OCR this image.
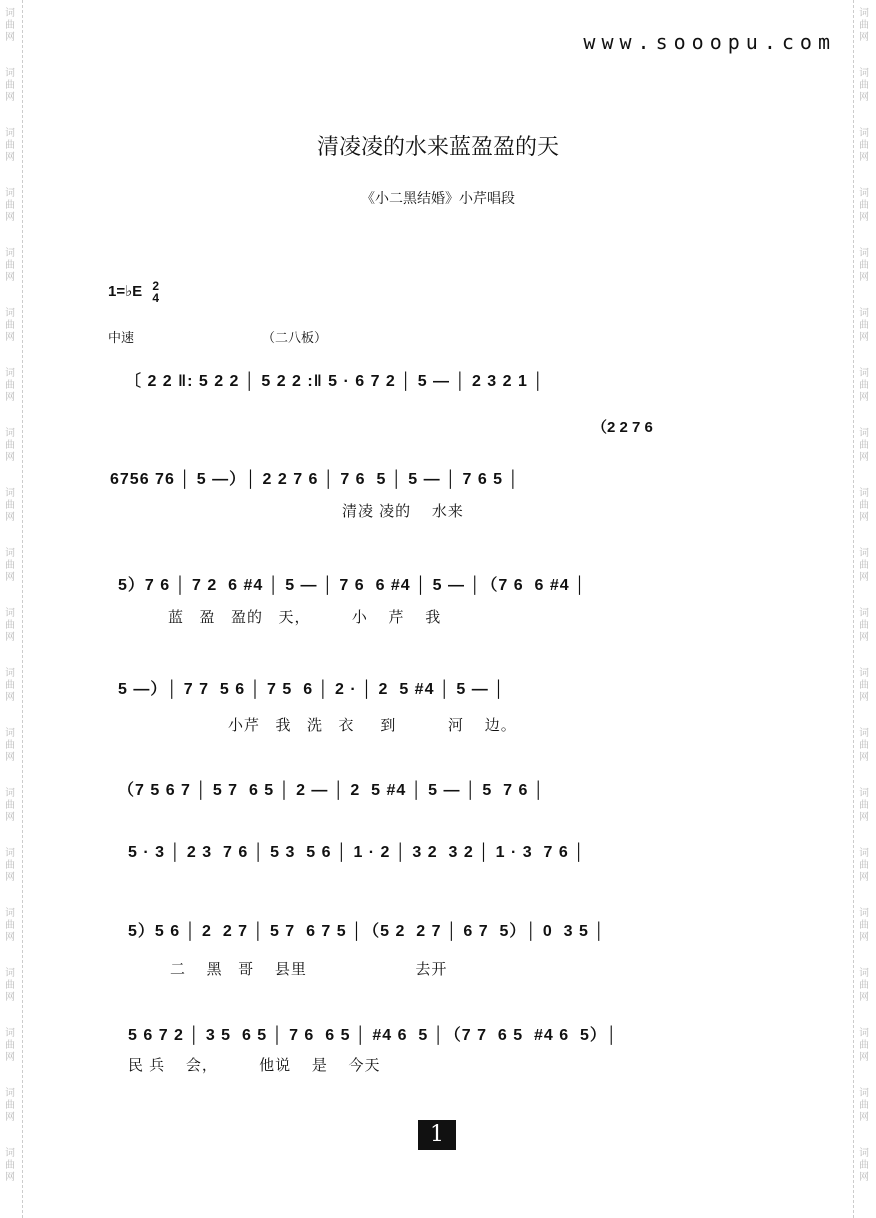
词
曲
网
词
曲
网
词
曲
网
词
曲
网
词
曲
网
词
曲
网
词
曲
网
词
曲
网
词
曲
网
词
曲
网
词
曲
网
词
曲
网
词
曲
网
词
曲
网
词
曲
网
词
曲
网
词
曲
网
词
曲
网
词
曲
网
词
曲
网
词
曲
网
词
曲
网
词
曲
网
词
曲
网
词
曲
网
词
曲
网
词
曲
网
词
曲
网
词
曲
网
词
曲
网
词
曲
网
词
曲
网
词
曲
网
词
曲
网
词
曲
网
词
曲
网
词
曲
网
词
曲
网
词
曲
网
词
曲
网
www.sooopu.com
清凌凌的水来蓝盈盈的天
《小二黑结婚》小芹唱段
1=♭E 2
4
中速	（二八板）
〔 2 2 ‖: 5 2 2 │ 5 2 2 :‖ 5 · 6 7 2 │ 5 — │ 2 3 2 1 │
（2 2 7 6
6756 76 │ 5 —）│ 2 2 7 6 │ 7 6  5 │ 5 — │ 7 6 5 │
清凌 凌的    水来
5）7 6 │ 7 2  6 #4 │ 5 — │ 7 6  6 #4 │ 5 — │（7 6  6 #4 │
蓝   盈   盈的   天，        小    芹    我
5 —）│ 7 7  5 6 │ 7 5  6 │ 2 · │ 2  5 #4 │ 5 — │
小芹   我   洗   衣     到          河    边。
（7 5 6 7 │ 5 7  6 5 │ 2 — │ 2  5 #4 │ 5 — │ 5  7 6 │
5 · 3 │ 2 3  7 6 │ 5 3  5 6 │ 1 · 2 │ 3 2  3 2 │ 1 · 3  7 6 │
5）5 6 │ 2  2 7 │ 5 7  6 7 5 │（5 2  2 7 │ 6 7  5）│ 0  3 5 │
二    黑   哥    县里                     去开
5 6 7 2 │ 3 5  6 5 │ 7 6  6 5 │ #4 6  5 │（7 7  6 5  #4 6  5）│
民 兵    会，        他说    是    今天
1
